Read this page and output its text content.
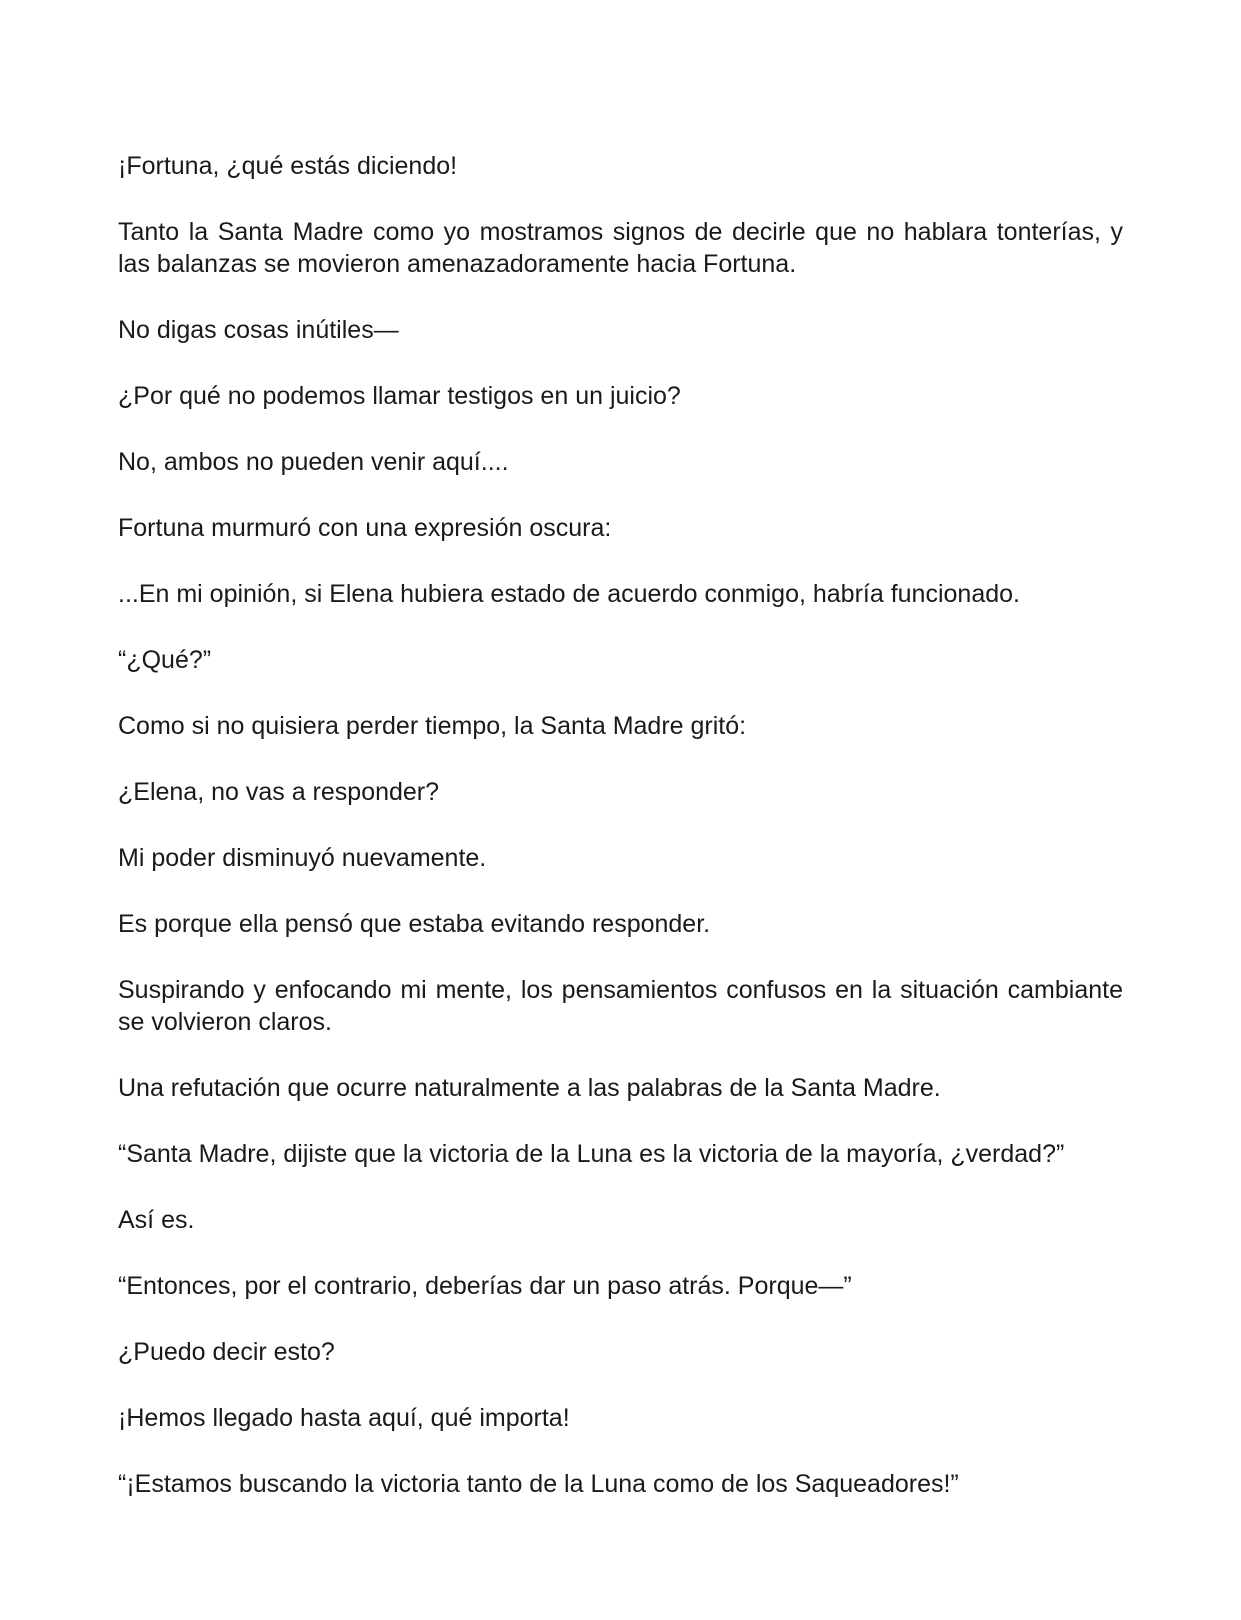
¡Fortuna, ¿qué estás diciendo!

Tanto la Santa Madre como yo mostramos signos de decirle que no hablara tonterías, y las balanzas se movieron amenazadoramente hacia Fortuna.

No digas cosas inútiles—

¿Por qué no podemos llamar testigos en un juicio?

No, ambos no pueden venir aquí....

Fortuna murmuró con una expresión oscura:

...En mi opinión, si Elena hubiera estado de acuerdo conmigo, habría funcionado.

“¿Qué?”

Como si no quisiera perder tiempo, la Santa Madre gritó:

¿Elena, no vas a responder?

Mi poder disminuyó nuevamente.

Es porque ella pensó que estaba evitando responder.

Suspirando y enfocando mi mente, los pensamientos confusos en la situación cambiante se volvieron claros.

Una refutación que ocurre naturalmente a las palabras de la Santa Madre.

“Santa Madre, dijiste que la victoria de la Luna es la victoria de la mayoría, ¿verdad?”

Así es.

“Entonces, por el contrario, deberías dar un paso atrás. Porque—”

¿Puedo decir esto?

¡Hemos llegado hasta aquí, qué importa!

“¡Estamos buscando la victoria tanto de la Luna como de los Saqueadores!”
